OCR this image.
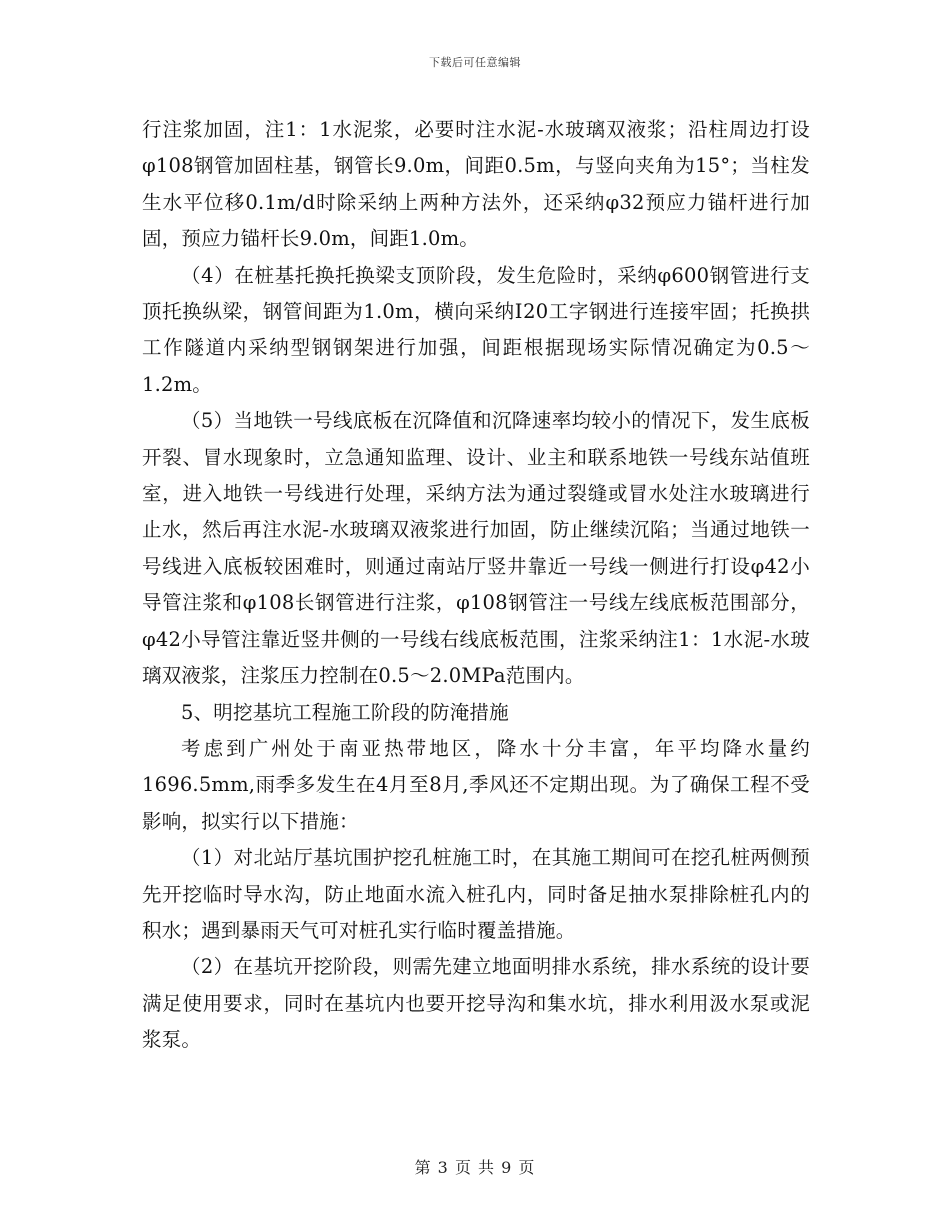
下载后可任意编辑

行注浆加固，注1：1水泥浆，必要时注水泥-水玻璃双液浆；沿柱周边打设φ108钢管加固柱基，钢管长9.0m，间距0.5m，与竖向夹角为15°；当柱发生水平位移0.1m/d时除采纳上两种方法外，还采纳φ32预应力锚杆进行加固，预应力锚杆长9.0m，间距1.0m。

（4）在桩基托换托换梁支顶阶段，发生危险时，采纳φ600钢管进行支顶托换纵梁，钢管间距为1.0m，横向采纳Ⅰ20工字钢进行连接牢固；托换拱工作隧道内采纳型钢钢架进行加强，间距根据现场实际情况确定为0.5～1.2m。

（5）当地铁一号线底板在沉降值和沉降速率均较小的情况下，发生底板开裂、冒水现象时，立急通知监理、设计、业主和联系地铁一号线东站值班室，进入地铁一号线进行处理，采纳方法为通过裂缝或冒水处注水玻璃进行止水，然后再注水泥-水玻璃双液浆进行加固，防止继续沉陷；当通过地铁一号线进入底板较困难时，则通过南站厅竖井靠近一号线一侧进行打设φ42小导管注浆和φ108长钢管进行注浆，φ108钢管注一号线左线底板范围部分，φ42小导管注靠近竖井侧的一号线右线底板范围，注浆采纳注1：1水泥-水玻璃双液浆，注浆压力控制在0.5～2.0MPa范围内。

5、明挖基坑工程施工阶段的防淹措施

考虑到广州处于南亚热带地区，降水十分丰富，年平均降水量约1696.5mm,雨季多发生在4月至8月,季风还不定期出现。为了确保工程不受影响，拟实行以下措施：

（1）对北站厅基坑围护挖孔桩施工时，在其施工期间可在挖孔桩两侧预先开挖临时导水沟，防止地面水流入桩孔内，同时备足抽水泵排除桩孔内的积水；遇到暴雨天气可对桩孔实行临时覆盖措施。

（2）在基坑开挖阶段，则需先建立地面明排水系统，排水系统的设计要满足使用要求，同时在基坑内也要开挖导沟和集水坑，排水利用汲水泵或泥浆泵。

第 3 页 共 9 页
